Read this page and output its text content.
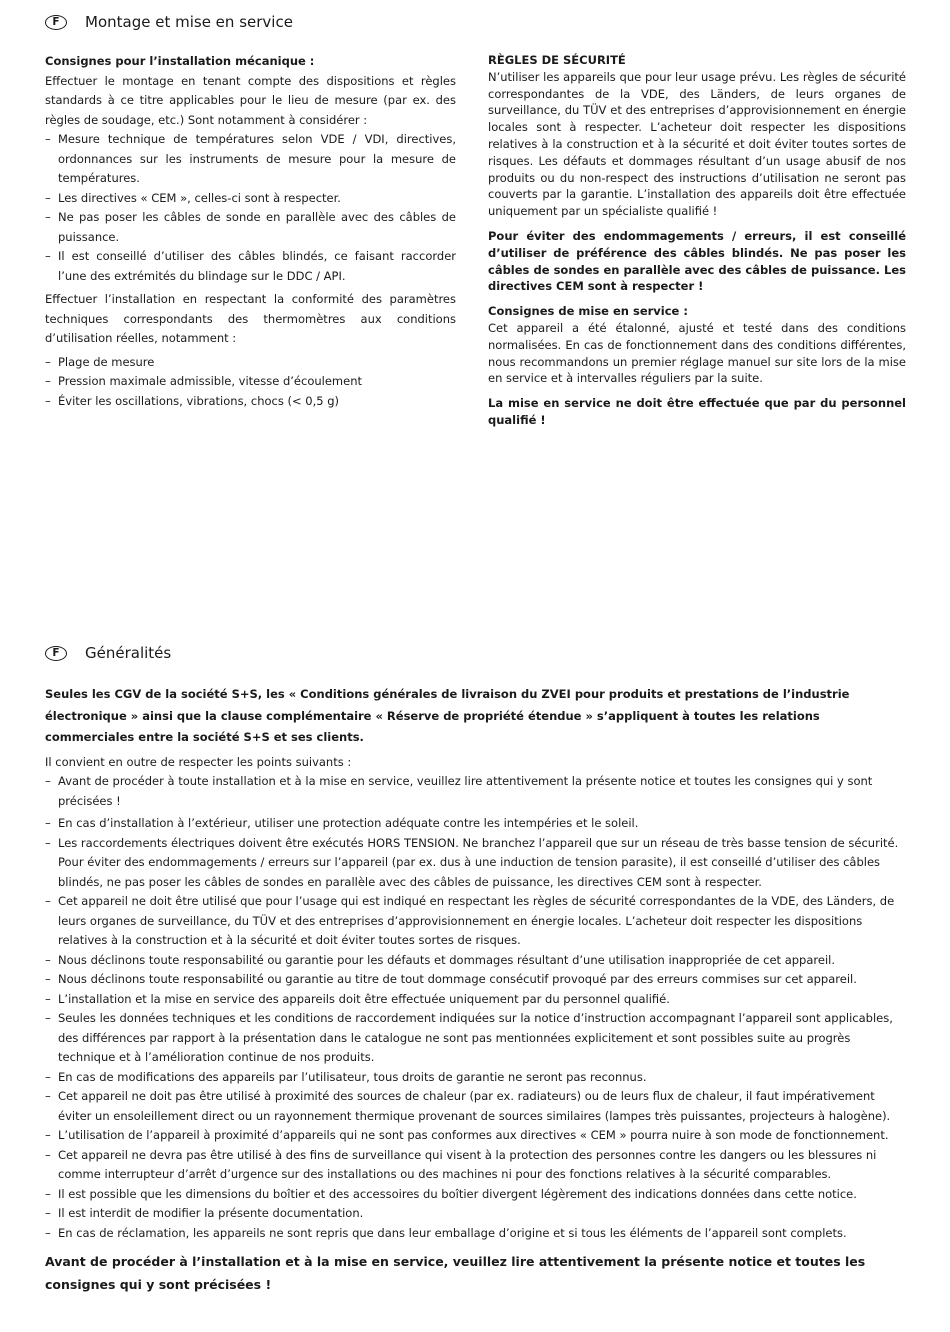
F	Montage et mise en service

Consignes pour l’installation mécanique :

Effectuer le montage en tenant compte des dispositions et règles standards à ce titre applicables pour le lieu de mesure (par ex. des règles de soudage, etc.) Sont notamment à considérer :

– Mesure technique de températures selon VDE / VDI, directives, ordonnances sur les instruments de mesure pour la mesure de températures.
– Les directives « CEM », celles-ci sont à respecter.
– Ne pas poser les câbles de sonde en parallèle avec des câbles de puissance.
– Il est conseillé d’utiliser des câbles blindés, ce faisant raccorder l’une des extrémités du blindage sur le DDC / API.

Effectuer l’installation en respectant la conformité des paramètres techniques correspondants des thermomètres aux conditions d’utilisation réelles, notamment :

– Plage de mesure
– Pression maximale admissible, vitesse d’écoulement
– Éviter les oscillations, vibrations, chocs (< 0,5 g)

RÈGLES DE SÉCURITÉ

N’utiliser les appareils que pour leur usage prévu. Les règles de sécurité correspondantes de la VDE, des Länders, de leurs organes de surveillance, du TÜV et des entreprises d’approvisionnement en énergie locales sont à respecter. L’acheteur doit respecter les dispositions relatives à la construction et à la sécurité et doit éviter toutes sortes de risques. Les défauts et dommages résultant d’un usage abusif de nos produits ou du non-respect des instructions d’utilisation ne seront pas couverts par la garantie. L’installation des appareils doit être effectuée uniquement par un spécialiste qualifié !

Pour éviter des endommagements / erreurs, il est conseillé d’utiliser de préférence des câbles blindés. Ne pas poser les câbles de sondes en parallèle avec des câbles de puissance. Les directives CEM sont à respecter !

Consignes de mise en service :

Cet appareil a été étalonné, ajusté et testé dans des conditions normalisées. En cas de fonctionnement dans des conditions différentes, nous recommandons un premier réglage manuel sur site lors de la mise en service et à intervalles réguliers par la suite.

La mise en service ne doit être effectuée que par du personnel qualifié !

F	Généralités

Seules les CGV de la société S+S, les « Conditions générales de livraison du ZVEI pour produits et prestations de l’industrie électronique » ainsi que la clause complémentaire « Réserve de propriété étendue » s’appliquent à toutes les relations commerciales entre la société S+S et ses clients.

Il convient en outre de respecter les points suivants :

– Avant de procéder à toute installation et à la mise en service, veuillez lire attentivement la présente notice et toutes les consignes qui y sont précisées !
– En cas d’installation à l’extérieur, utiliser une protection adéquate contre les intempéries et le soleil.
– Les raccordements électriques doivent être exécutés HORS TENSION. Ne branchez l’appareil que sur un réseau de très basse tension de sécurité. Pour éviter des endommagements / erreurs sur l’appareil (par ex. dus à une induction de tension parasite), il est conseillé d’utiliser des câbles blindés, ne pas poser les câbles de sondes en parallèle avec des câbles de puissance, les directives CEM sont à respecter.
– Cet appareil ne doit être utilisé que pour l’usage qui est indiqué en respectant les règles de sécurité correspondantes de la VDE, des Länders, de leurs organes de surveillance, du TÜV et des entreprises d’approvisionnement en énergie locales. L’acheteur doit respecter les dispositions relatives à la construction et à la sécurité et doit éviter toutes sortes de risques.
– Nous déclinons toute responsabilité ou garantie pour les défauts et dommages résultant d’une utilisation inappropriée de cet appareil.
– Nous déclinons toute responsabilité ou garantie au titre de tout dommage consécutif provoqué par des erreurs commises sur cet appareil.
– L’installation et la mise en service des appareils doit être effectuée uniquement par du personnel qualifié.
– Seules les données techniques et les conditions de raccordement indiquées sur la notice d’instruction accompagnant l’appareil sont applicables, des différences par rapport à la présentation dans le catalogue ne sont pas mentionnées explicitement et sont possibles suite au progrès technique et à l’amélioration continue de nos produits.
– En cas de modifications des appareils par l’utilisateur, tous droits de garantie ne seront pas reconnus.
– Cet appareil ne doit pas être utilisé à proximité des sources de chaleur (par ex. radiateurs) ou de leurs flux de chaleur, il faut impérativement éviter un ensoleillement direct ou un rayonnement thermique provenant de sources similaires (lampes très puissantes, projecteurs à halogène).
– L’utilisation de l’appareil à proximité d’appareils qui ne sont pas conformes aux directives « CEM » pourra nuire à son mode de fonctionnement.
– Cet appareil ne devra pas être utilisé à des fins de surveillance qui visent à la protection des personnes contre les dangers ou les blessures ni comme interrupteur d’arrêt d’urgence sur des installations ou des machines ni pour des fonctions relatives à la sécurité comparables.
– Il est possible que les dimensions du boîtier et des accessoires du boîtier divergent légèrement des indications données dans cette notice.
– Il est interdit de modifier la présente documentation.
– En cas de réclamation, les appareils ne sont repris que dans leur emballage d’origine et si tous les éléments de l’appareil sont complets.

Avant de procéder à l’installation et à la mise en service, veuillez lire attentivement la présente notice et toutes les consignes qui y sont précisées !
